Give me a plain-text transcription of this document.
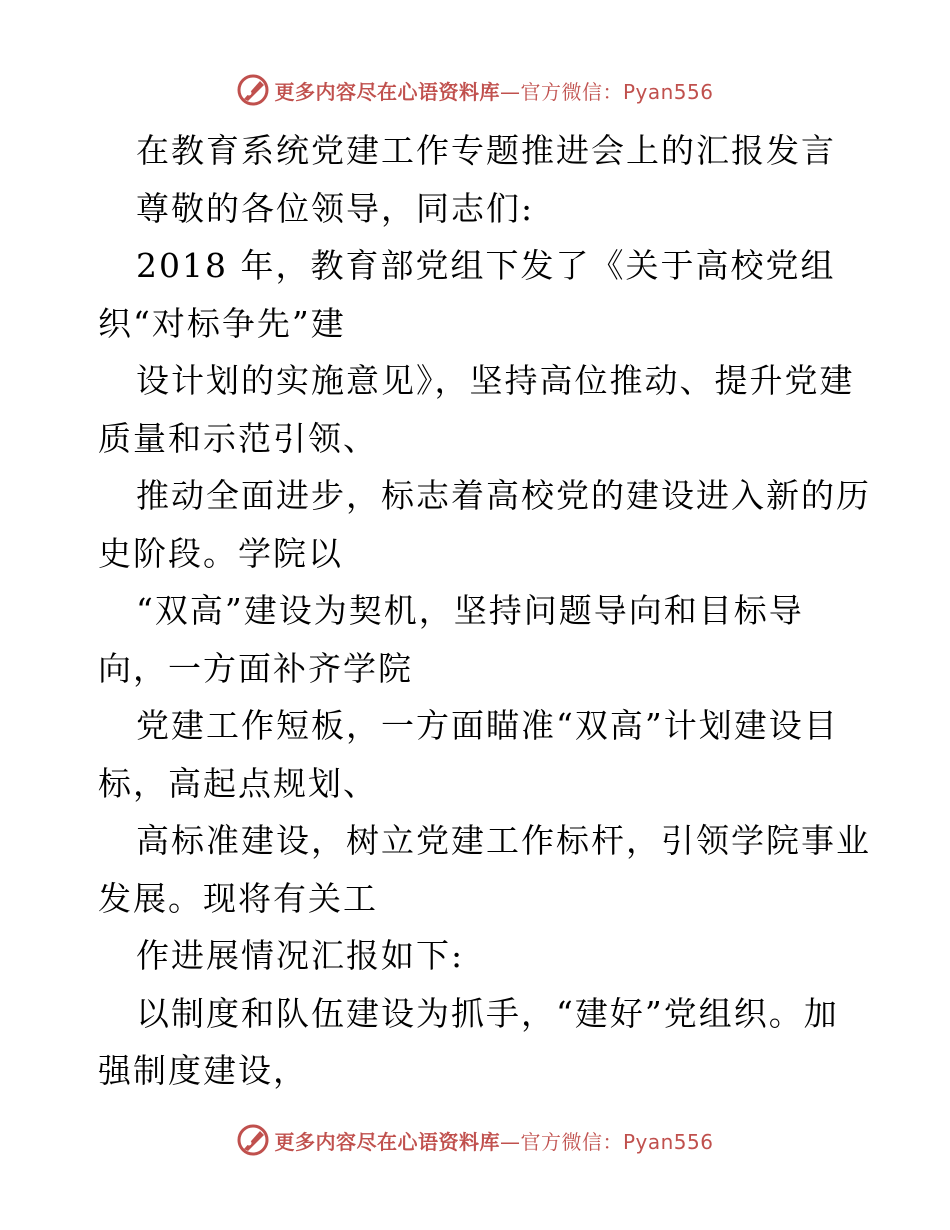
更多内容尽在心语资料库—官方微信：Pyan556
在教育系统党建工作专题推进会上的汇报发言
尊敬的各位领导，同志们:
2018 年，教育部党组下发了《关于高校党组
织“对标争先”建
设计划的实施意见》，坚持高位推动、提升党建
质量和示范引领、
推动全面进步，标志着高校党的建设进入新的历
史阶段。学院以
“双高”建设为契机，坚持问题导向和目标导
向，一方面补齐学院
党建工作短板，一方面瞄准“双高”计划建设目
标，高起点规划、
高标准建设，树立党建工作标杆，引领学院事业
发展。现将有关工
作进展情况汇报如下:
以制度和队伍建设为抓手，“建好”党组织。加
强制度建设，
更多内容尽在心语资料库—官方微信：Pyan556
